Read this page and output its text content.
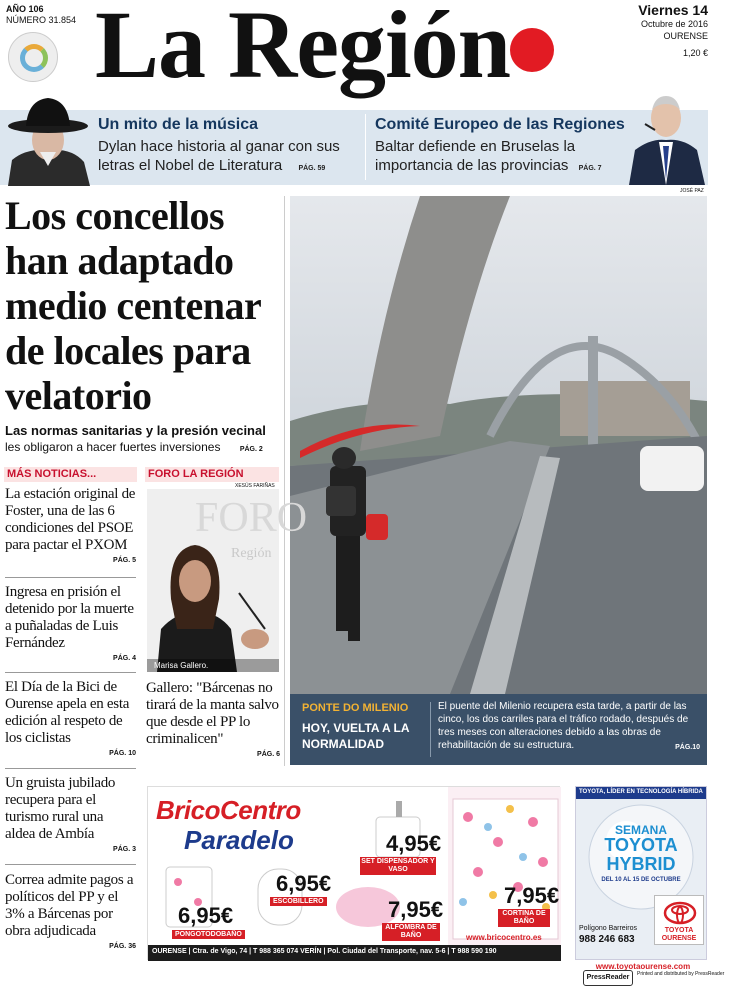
AÑO 106
NÚMERO 31.854 La Región	Viernes 14
Octubre de 2016
OURENSE
1,20 €
Un mito de la música
Dylan hace historia al ganar con sus letras el Nobel de Literatura PÁG. 59
Comité Europeo de las Regiones
Baltar defiende en Bruselas la importancia de las provincias PÁG. 7
Los concellos han adaptado medio centenar de locales para velatorio
Las normas sanitarias y la presión vecinal
les obligaron a hacer fuertes inversiones	PÁG. 2
JOSÉ PAZ
PONTE DO MILENIO
HOY, VUELTA A LA NORMALIDAD
El puente del Milenio recupera esta tarde, a partir de las cinco, los dos carriles para el tráfico rodado, después de tres meses con alteraciones debido a las obras de rehabilitación de su estructura.	PÁG.10
MÁS NOTICIAS...
La estación original de Foster, una de las 6 condiciones del PSOE para pactar el PXOM
PÁG. 5
Ingresa en prisión el detenido por la muerte a puñaladas de Luis Fernández
PÁG. 4
El Día de la Bici de Ourense apela en esta edición al respeto de los ciclistas
PÁG. 10
Un gruista jubilado recupera para el turismo rural una aldea de Ambía
PÁG. 3
Correa admite pagos a políticos del PP y el 3% a Bárcenas por obra adjudicada
PÁG. 36
FORO LA REGIÓN
XESÚS FARIÑAS
FORO
Región
Marisa Gallero.
Gallero: "Bárcenas no tirará de la manta salvo que desde el PP lo criminalicen"
PÁG. 6
BricoCentro
Paradelo	4,95€
SET DISPENSADOR Y VASO
6,95€
ESCOBILLERO
6,95€
PONGOTODOBAÑO
7,95€
ALFOMBRA DE BAÑO
7,95€
CORTINA DE BAÑO
www.bricocentro.es
OURENSE | Ctra. de Vigo, 74 | T 988 365 074 VERÍN | Pol. Ciudad del Transporte, nav. 5-6 | T 988 590 190
TOYOTA, LÍDER EN TECNOLOGÍA HÍBRIDA
SEMANA
TOYOTA
HYBRID
DEL 10 AL 15 DE OCTUBRE
Polígono Barreiros
988 246 683
TOYOTA
OURENSE
www.toyotaourense.com
PressReader	Printed and distributed by PressReader
